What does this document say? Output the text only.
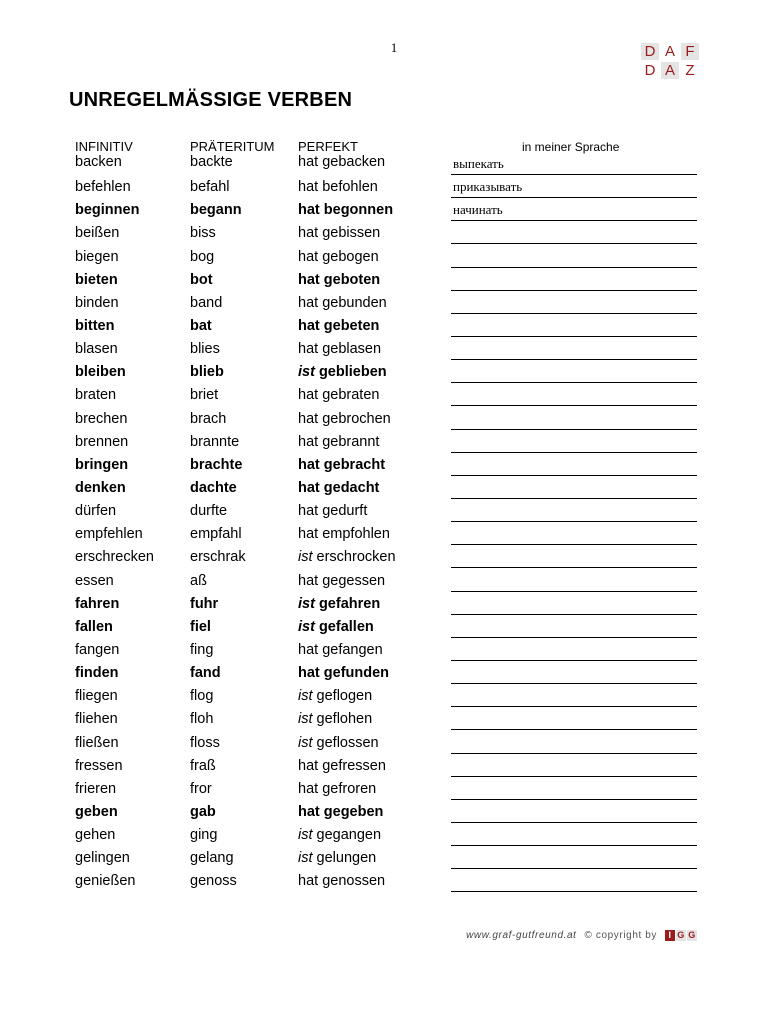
1	D A F
D A Z
UNREGELMÄSSIGE VERBEN
INFINITIV	PRÄTERITUM PERFEKT	in meiner Sprache
backen	backte	hat gebacken	выпекать
befehlen	befahl	hat befohlen	приказывать
beginnen	begann	hat begonnen	начинать
beißen	biss	hat gebissen
biegen	bog	hat gebogen
bieten	bot	hat geboten
binden	band	hat gebunden
bitten	bat	hat gebeten
blasen	blies	hat geblasen
bleiben	blieb	ist geblieben
braten	briet	hat gebraten
brechen	brach	hat gebrochen
brennen	brannte	hat gebrannt
bringen	brachte	hat gebracht
denken	dachte	hat gedacht
dürfen	durfte	hat gedurft
empfehlen	empfahl	hat empfohlen
erschrecken erschrak	ist erschrocken
essen	aß	hat gegessen
fahren	fuhr	ist gefahren
fallen	fiel	ist gefallen
fangen	fing	hat gefangen
finden	fand	hat gefunden
fliegen	flog	ist geflogen
fliehen	floh	ist geflohen
fließen	floss	ist geflossen
fressen	fraß	hat gefressen
frieren	fror	hat gefroren
geben	gab	hat gegeben
gehen	ging	ist gegangen
gelingen	gelang	ist gelungen
genießen	genoss	hat genossen
www.graf-gutfreund.at © copyright by	I G G
